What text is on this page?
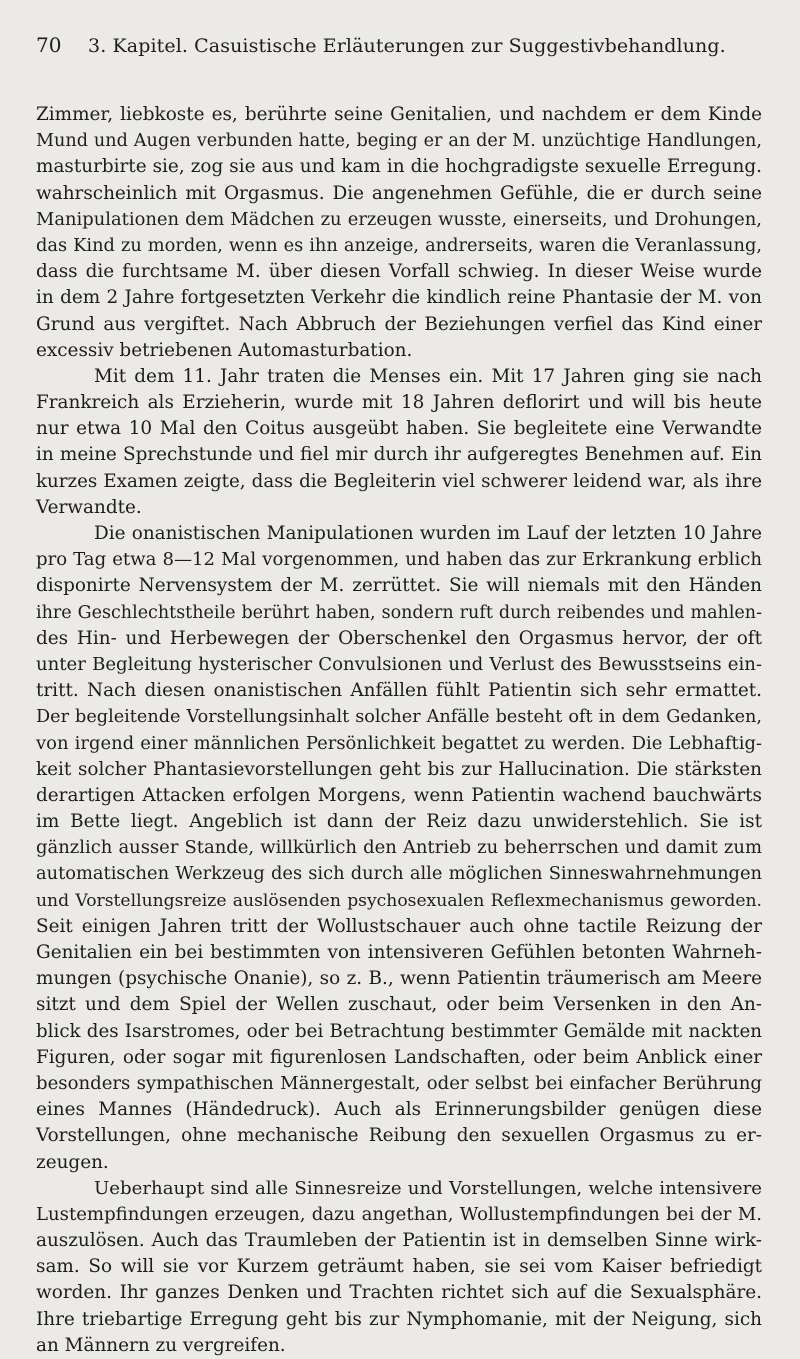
70	3. Kapitel. Casuistische Erläuterungen zur Suggestivbehandlung.
Zimmer, liebkoste es, berührte seine Genitalien, und nachdem er dem Kinde
Mund und Augen verbunden hatte, beging er an der M. unzüchtige Handlungen,
masturbirte sie, zog sie aus und kam in die hochgradigste sexuelle Erregung.
wahrscheinlich mit Orgasmus. Die angenehmen Gefühle, die er durch seine
Manipulationen dem Mädchen zu erzeugen wusste, einerseits, und Drohungen,
das Kind zu morden, wenn es ihn anzeige, andrerseits, waren die Veranlassung,
dass die furchtsame M. über diesen Vorfall schwieg. In dieser Weise wurde
in dem 2 Jahre fortgesetzten Verkehr die kindlich reine Phantasie der M. von
Grund aus vergiftet. Nach Abbruch der Beziehungen verfiel das Kind einer
excessiv betriebenen Automasturbation.
Mit dem 11. Jahr traten die Menses ein. Mit 17 Jahren ging sie nach
Frankreich als Erzieherin, wurde mit 18 Jahren deflorirt und will bis heute
nur etwa 10 Mal den Coitus ausgeübt haben. Sie begleitete eine Verwandte
in meine Sprechstunde und fiel mir durch ihr aufgeregtes Benehmen auf. Ein
kurzes Examen zeigte, dass die Begleiterin viel schwerer leidend war, als ihre
Verwandte.
Die onanistischen Manipulationen wurden im Lauf der letzten 10 Jahre
pro Tag etwa 8—12 Mal vorgenommen, und haben das zur Erkrankung erblich
disponirte Nervensystem der M. zerrüttet. Sie will niemals mit den Händen
ihre Geschlechtstheile berührt haben, sondern ruft durch reibendes und mahlen-
des Hin- und Herbewegen der Oberschenkel den Orgasmus hervor, der oft
unter Begleitung hysterischer Convulsionen und Verlust des Bewusstseins ein-
tritt. Nach diesen onanistischen Anfällen fühlt Patientin sich sehr ermattet.
Der begleitende Vorstellungsinhalt solcher Anfälle besteht oft in dem Gedanken,
von irgend einer männlichen Persönlichkeit begattet zu werden. Die Lebhaftig-
keit solcher Phantasievorstellungen geht bis zur Hallucination. Die stärksten
derartigen Attacken erfolgen Morgens, wenn Patientin wachend bauchwärts
im Bette liegt. Angeblich ist dann der Reiz dazu unwiderstehlich. Sie ist
gänzlich ausser Stande, willkürlich den Antrieb zu beherrschen und damit zum
automatischen Werkzeug des sich durch alle möglichen Sinneswahrnehmungen
und Vorstellungsreize auslösenden psychosexualen Reflexmechanismus geworden.
Seit einigen Jahren tritt der Wollustschauer auch ohne tactile Reizung der
Genitalien ein bei bestimmten von intensiveren Gefühlen betonten Wahrneh-
mungen (psychische Onanie), so z. B., wenn Patientin träumerisch am Meere
sitzt und dem Spiel der Wellen zuschaut, oder beim Versenken in den An-
blick des Isarstromes, oder bei Betrachtung bestimmter Gemälde mit nackten
Figuren, oder sogar mit figurenlosen Landschaften, oder beim Anblick einer
besonders sympathischen Männergestalt, oder selbst bei einfacher Berührung
eines Mannes (Händedruck). Auch als Erinnerungsbilder genügen diese
Vorstellungen, ohne mechanische Reibung den sexuellen Orgasmus zu er-
zeugen.
Ueberhaupt sind alle Sinnesreize und Vorstellungen, welche intensivere
Lustempfindungen erzeugen, dazu angethan, Wollustempfindungen bei der M.
auszulösen. Auch das Traumleben der Patientin ist in demselben Sinne wirk-
sam. So will sie vor Kurzem geträumt haben, sie sei vom Kaiser befriedigt
worden. Ihr ganzes Denken und Trachten richtet sich auf die Sexualsphäre.
Ihre triebartige Erregung geht bis zur Nymphomanie, mit der Neigung, sich
an Männern zu vergreifen.
